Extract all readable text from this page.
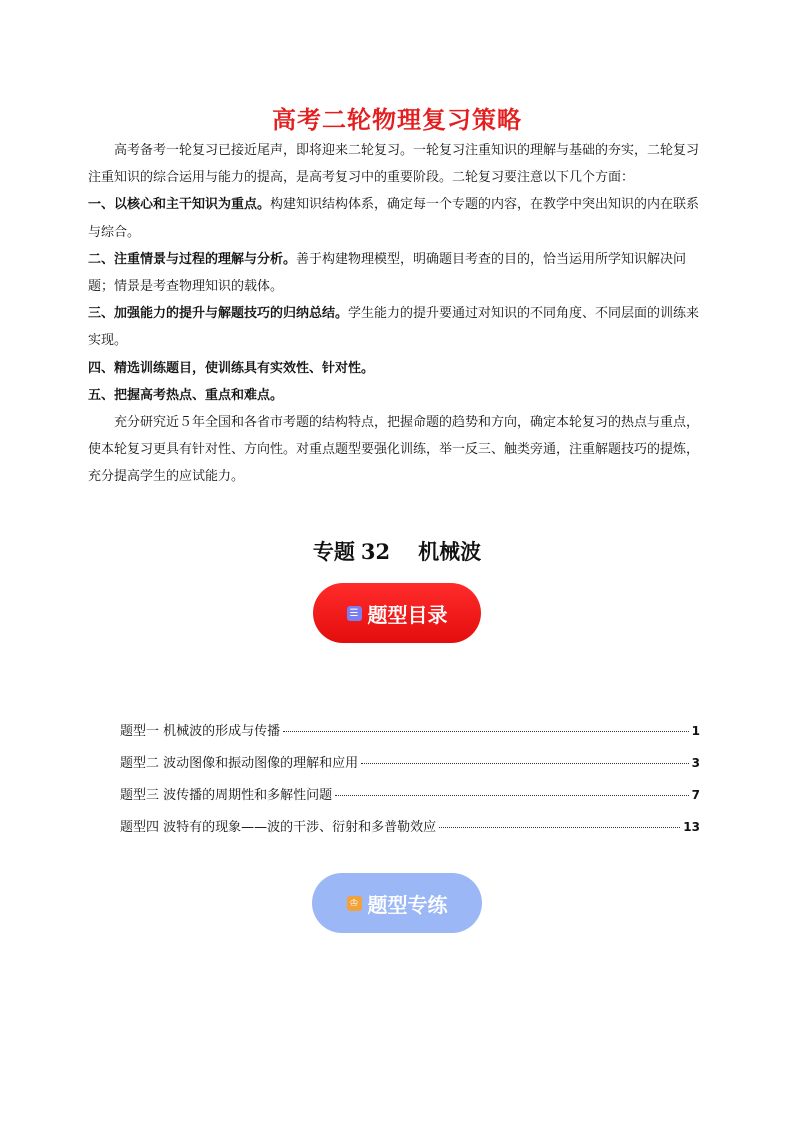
高考二轮物理复习策略

高考备考一轮复习已接近尾声，即将迎来二轮复习。一轮复习注重知识的理解与基础的夯实，二轮复习注重知识的综合运用与能力的提高，是高考复习中的重要阶段。二轮复习要注意以下几个方面：

一、以核心和主干知识为重点。构建知识结构体系，确定每一个专题的内容，在教学中突出知识的内在联系与综合。

二、注重情景与过程的理解与分析。善于构建物理模型，明确题目考查的目的，恰当运用所学知识解决问题；情景是考查物理知识的载体。

三、加强能力的提升与解题技巧的归纳总结。学生能力的提升要通过对知识的不同角度、不同层面的训练来实现。

四、精选训练题目，使训练具有实效性、针对性。

五、把握高考热点、重点和难点。

充分研究近５年全国和各省市考题的结构特点，把握命题的趋势和方向，确定本轮复习的热点与重点，使本轮复习更具有针对性、方向性。对重点题型要强化训练，举一反三、触类旁通，注重解题技巧的提炼，充分提高学生的应试能力。

专题 32 机械波
☰ 题型目录
题型一 机械波的形成与传播	1
题型二 波动图像和振动图像的理解和应用	3
题型三 波传播的周期性和多解性问题	7
题型四 波特有的现象——波的干涉、衍射和多普勒效应	13
♔ 题型专练
